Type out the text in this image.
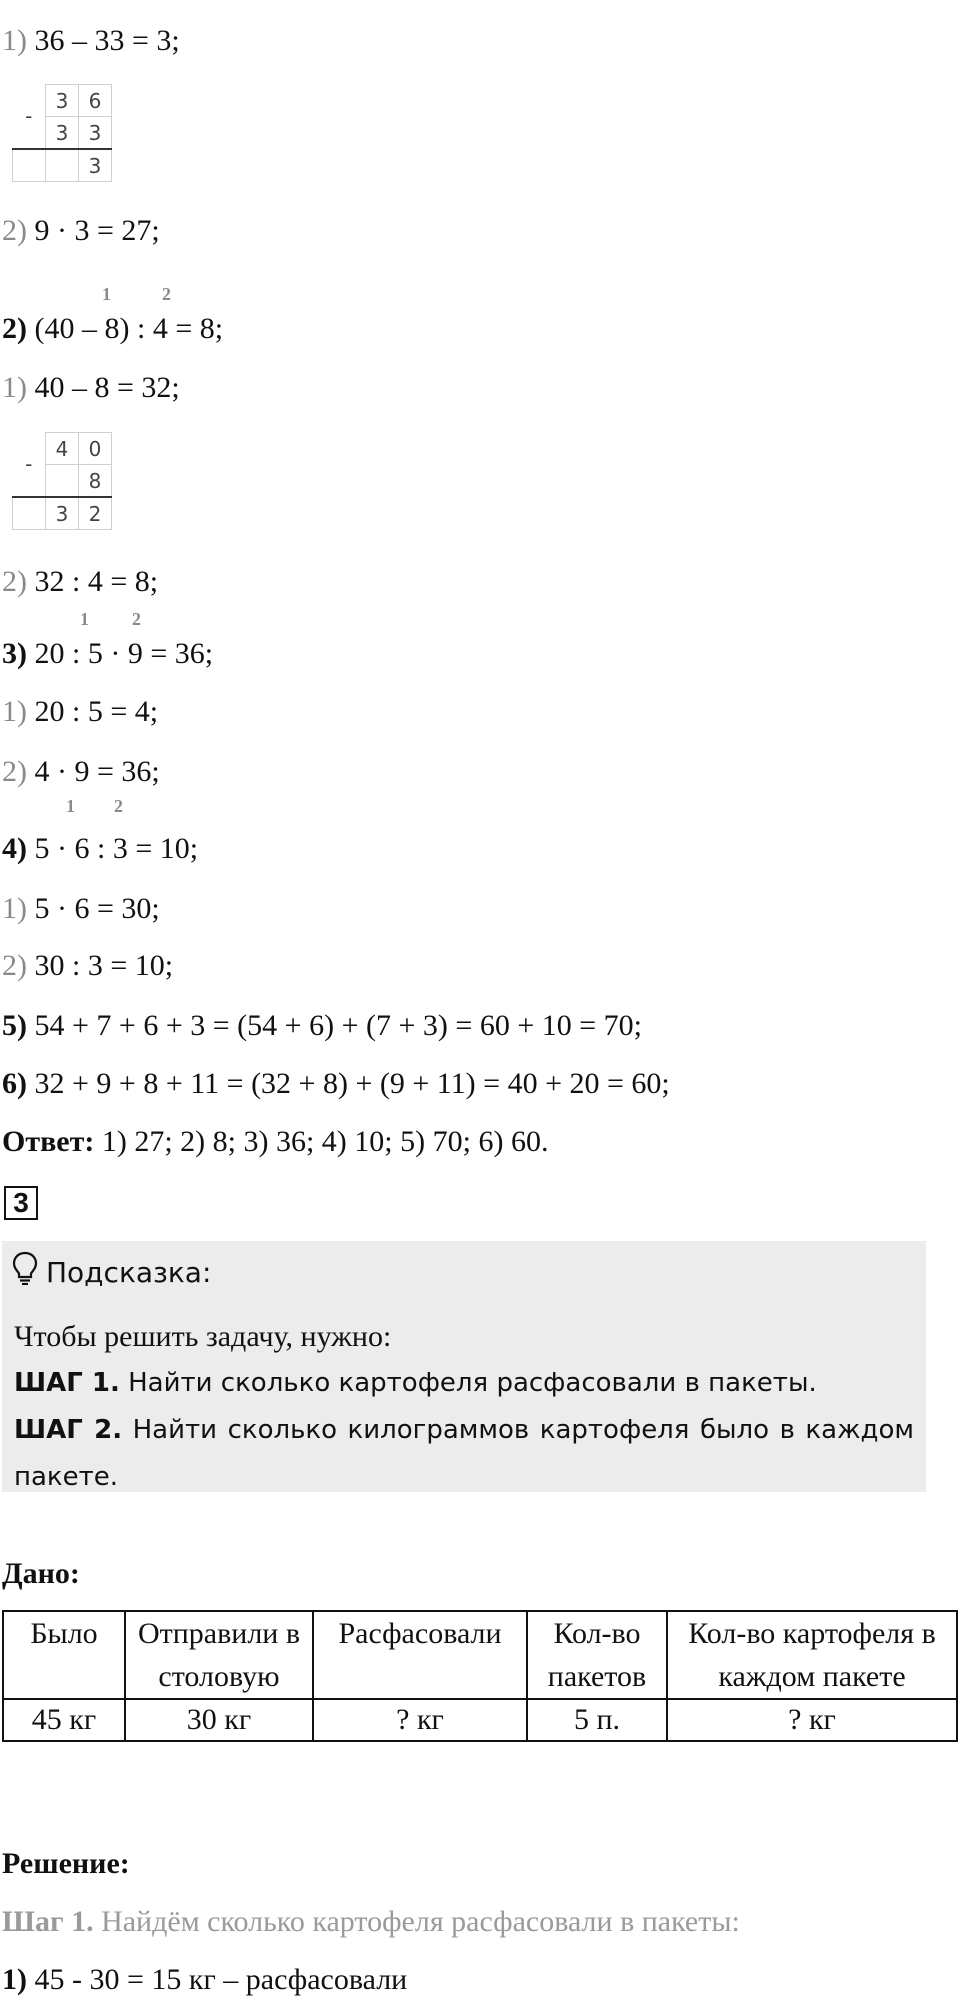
1) 36 – 33 = 3;
-	3	6
	3	3
		3
2) 9 · 3 = 27;
1	2
2) (40 – 8) : 4 = 8;
1) 40 – 8 = 32;
-	4	0
		8
	3	2
2) 32 : 4 = 8;
1 2
3) 20 : 5 · 9 = 36;
1) 20 : 5 = 4;
2) 4 · 9 = 36;
1 2
4) 5 · 6 : 3 = 10;
1) 5 · 6 = 30;
2) 30 : 3 = 10;
5) 54 + 7 + 6 + 3 = (54 + 6) + (7 + 3) = 60 + 10 = 70;
6) 32 + 9 + 8 + 11 = (32 + 8) + (9 + 11) = 40 + 20 = 60;
Ответ: 1) 27; 2) 8; 3) 36; 4) 10; 5) 70; 6) 60.
3
Подсказка:

Чтобы решить задачу, нужно:

ШАГ 1. Найти сколько картофеля расфасовали в пакеты.

ШАГ 2. Найти сколько килограммов картофеля было в каждом пакете.

Дано:
Было	Отправили в столовую	Расфасовали	Кол-во пакетов	Кол-во картофеля в каждом пакете
45 кг	30 кг	? кг	5 п.	? кг
Решение:
Шаг 1. Найдём сколько картофеля расфасовали в пакеты:
1) 45 - 30 = 15 кг – расфасовали
